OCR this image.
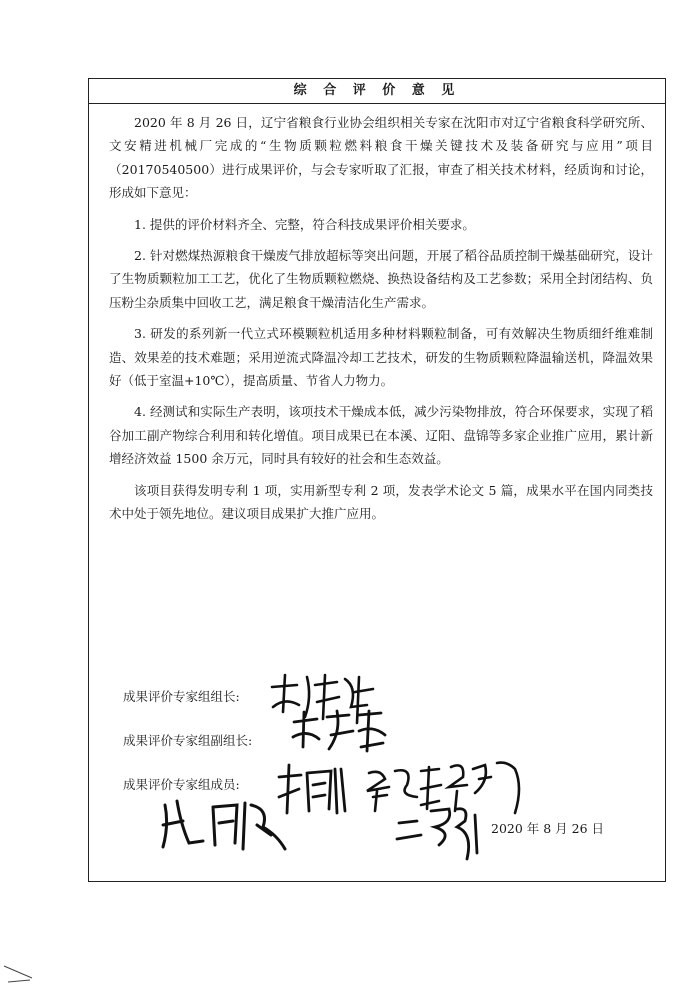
综 合 评 价 意 见

2020 年 8 月 26 日，辽宁省粮食行业协会组织相关专家在沈阳市对辽宁省粮食科学研究所、文安精进机械厂完成的“生物质颗粒燃料粮食干燥关键技术及装备研究与应用”项目（20170540500）进行成果评价，与会专家听取了汇报，审查了相关技术材料，经质询和讨论，形成如下意见：

1. 提供的评价材料齐全、完整，符合科技成果评价相关要求。

2. 针对燃煤热源粮食干燥废气排放超标等突出问题，开展了稻谷品质控制干燥基础研究，设计了生物质颗粒加工工艺，优化了生物质颗粒燃烧、换热设备结构及工艺参数；采用全封闭结构、负压粉尘杂质集中回收工艺，满足粮食干燥清洁化生产需求。

3. 研发的系列新一代立式环模颗粒机适用多种材料颗粒制备，可有效解决生物质细纤维难制造、效果差的技术难题；采用逆流式降温冷却工艺技术，研发的生物质颗粒降温输送机，降温效果好（低于室温+10℃），提高质量、节省人力物力。

4. 经测试和实际生产表明，该项技术干燥成本低，减少污染物排放，符合环保要求，实现了稻谷加工副产物综合利用和转化增值。项目成果已在本溪、辽阳、盘锦等多家企业推广应用，累计新增经济效益 1500 余万元，同时具有较好的社会和生态效益。

该项目获得发明专利 1 项，实用新型专利 2 项，发表学术论文 5 篇，成果水平在国内同类技术中处于领先地位。建议项目成果扩大推广应用。

成果评价专家组组长:
成果评价专家组副组长:
成果评价专家组成员:
2020 年 8 月 26 日
